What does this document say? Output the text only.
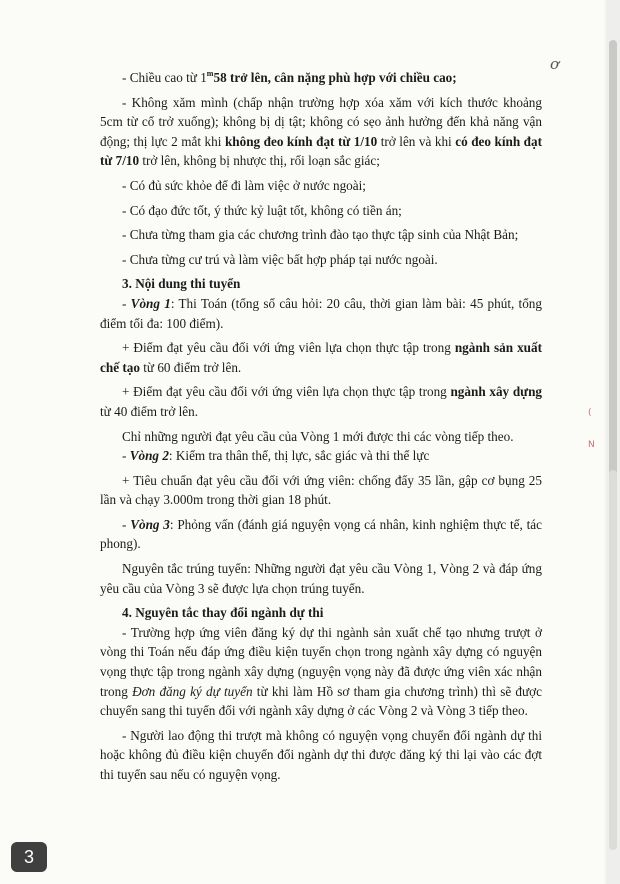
ơ

- Chiều cao từ 1$^m$58 trở lên, cân nặng phù hợp với chiều cao;

- Không xăm mình (chấp nhận trường hợp xóa xăm với kích thước khoảng 5cm từ cổ trở xuống); không bị dị tật; không có sẹo ảnh hưởng đến khả năng vận động; thị lực 2 mắt khi không đeo kính đạt từ 1/10 trở lên và khi có đeo kính đạt từ 7/10 trở lên, không bị nhược thị, rối loạn sắc giác;

- Có đủ sức khỏe để đi làm việc ở nước ngoài;

- Có đạo đức tốt, ý thức kỷ luật tốt, không có tiền án;

- Chưa từng tham gia các chương trình đào tạo thực tập sinh của Nhật Bản;

- Chưa từng cư trú và làm việc bất hợp pháp tại nước ngoài.

3. Nội dung thi tuyển

- Vòng 1: Thi Toán (tổng số câu hỏi: 20 câu, thời gian làm bài: 45 phút, tổng điểm tối đa: 100 điểm).

+ Điểm đạt yêu cầu đối với ứng viên lựa chọn thực tập trong ngành sản xuất chế tạo từ 60 điểm trở lên.

+ Điểm đạt yêu cầu đối với ứng viên lựa chọn thực tập trong ngành xây dựng từ 40 điểm trở lên.

Chỉ những người đạt yêu cầu của Vòng 1 mới được thi các vòng tiếp theo.

- Vòng 2: Kiểm tra thân thể, thị lực, sắc giác và thi thể lực

+ Tiêu chuẩn đạt yêu cầu đối với ứng viên: chống đẩy 35 lần, gập cơ bụng 25 lần và chạy 3.000m trong thời gian 18 phút.

- Vòng 3: Phỏng vấn (đánh giá nguyện vọng cá nhân, kinh nghiệm thực tế, tác phong).

Nguyên tắc trúng tuyển: Những người đạt yêu cầu Vòng 1, Vòng 2 và đáp ứng yêu cầu của Vòng 3 sẽ được lựa chọn trúng tuyển.

4. Nguyên tắc thay đổi ngành dự thi

- Trường hợp ứng viên đăng ký dự thi ngành sản xuất chế tạo nhưng trượt ở vòng thi Toán nếu đáp ứng điều kiện tuyển chọn trong ngành xây dựng có nguyện vọng thực tập trong ngành xây dựng (nguyện vọng này đã được ứng viên xác nhận trong Đơn đăng ký dự tuyển từ khi làm Hồ sơ tham gia chương trình) thì sẽ được chuyển sang thi tuyển đối với ngành xây dựng ở các Vòng 2 và Vòng 3 tiếp theo.

- Người lao động thi trượt mà không có nguyện vọng chuyển đổi ngành dự thi hoặc không đủ điều kiện chuyển đổi ngành dự thi được đăng ký thi lại vào các đợt thi tuyển sau nếu có nguyện vọng.

(
N
3
